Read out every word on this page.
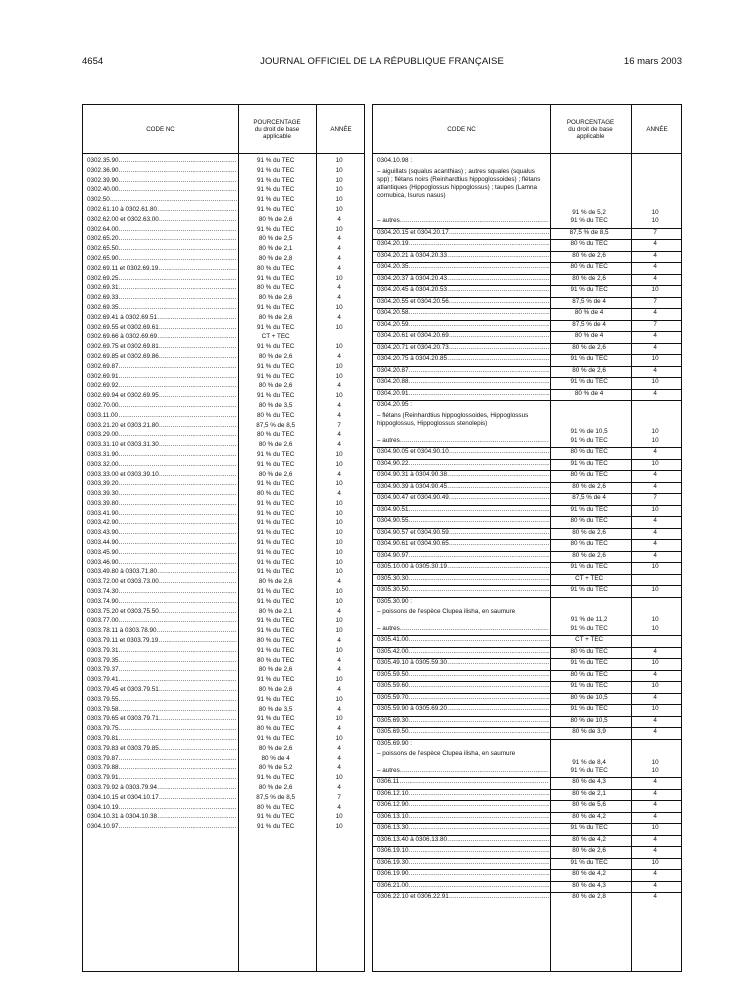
4654	JOURNAL OFFICIEL DE LA RÉPUBLIQUE FRANÇAISE	16 mars 2003
CODE NC
POURCENTAGE
du droit de base
applicable
ANNÉE
0302.35.90 ……………………………………………………………………………………	91 % du TEC	10
0302.36.90 ……………………………………………………………………………………	91 % du TEC	10
0302.39.90 ……………………………………………………………………………………	91 % du TEC	10
0302.40.00 ……………………………………………………………………………………	91 % du TEC	10
0302.50 ……………………………………………………………………………………	91 % du TEC	10
0302.61.10 à 0302.61.80 ……………………………………………………………………………………	91 % du TEC	10
0302.62.00 et 0302.63.00 ……………………………………………………………………………………	80 % de 2,6	4
0302.64.00 ……………………………………………………………………………………	91 % du TEC	10
0302.65.20 ……………………………………………………………………………………	80 % de 2,5	4
0302.65.50 ……………………………………………………………………………………	80 % de 2,1	4
0302.65.90 ……………………………………………………………………………………	80 % de 2,8	4
0302.69.11 et 0302.69.19 ……………………………………………………………………………………	80 % du TEC	4
0302.69.25 ……………………………………………………………………………………	91 % du TEC	10
0302.69.31 ……………………………………………………………………………………	80 % du TEC	4
0302.69.33 ……………………………………………………………………………………	80 % de 2,6	4
0302.69.35 ……………………………………………………………………………………	91 % du TEC	10
0302.69.41 à 0302.69.51 ……………………………………………………………………………………	80 % de 2,6	4
0302.69.55 et 0302.69.61 ……………………………………………………………………………………	91 % du TEC	10
0302.69.66 à 0302.69.69 ……………………………………………………………………………………	CT + TEC
0302.69.75 et 0302.69.81 ……………………………………………………………………………………	91 % du TEC	10
0302.69.85 et 0302.69.86 ……………………………………………………………………………………	80 % de 2,6	4
0302.69.87 ……………………………………………………………………………………	91 % du TEC	10
0302.69.91 ……………………………………………………………………………………	91 % du TEC	10
0302.69.92 ……………………………………………………………………………………	80 % de 2,6	4
0302.69.94 et 0302.69.95 ……………………………………………………………………………………	91 % du TEC	10
0302.70.00 ……………………………………………………………………………………	80 % de 3,5	4
0303.11.00 ……………………………………………………………………………………	80 % du TEC	4
0303.21.20 et 0303.21.80 ……………………………………………………………………………………	87,5 % de 8,5	7
0303.29.00 ……………………………………………………………………………………	80 % du TEC	4
0303.31.10 et 0303.31.30 ……………………………………………………………………………………	80 % de 2,6	4
0303.31.90 ……………………………………………………………………………………	91 % du TEC	10
0303.32.00 ……………………………………………………………………………………	91 % du TEC	10
0303.33.00 et 0303.39.10 ……………………………………………………………………………………	80 % de 2,6	4
0303.39.20 ……………………………………………………………………………………	91 % du TEC	10
0303.39.30 ……………………………………………………………………………………	80 % du TEC	4
0303.39.80 ……………………………………………………………………………………	91 % du TEC	10
0303.41.90 ……………………………………………………………………………………	91 % du TEC	10
0303.42.90 ……………………………………………………………………………………	91 % du TEC	10
0303.43.90 ……………………………………………………………………………………	91 % du TEC	10
0303.44.90 ……………………………………………………………………………………	91 % du TEC	10
0303.45.90 ……………………………………………………………………………………	91 % du TEC	10
0303.46.90 ……………………………………………………………………………………	91 % du TEC	10
0303.49.80 à 0303.71.80 ……………………………………………………………………………………	91 % du TEC	10
0303.72.00 et 0303.73.00 ……………………………………………………………………………………	80 % de 2,6	4
0303.74.30 ……………………………………………………………………………………	91 % du TEC	10
0303.74.90 ……………………………………………………………………………………	91 % du TEC	10
0303.75.20 et 0303.75.50 ……………………………………………………………………………………	80 % de 2,1	4
0303.77.00 ……………………………………………………………………………………	91 % du TEC	10
0303.78.11 à 0303.78.90 ……………………………………………………………………………………	91 % du TEC	10
0303.79.11 et 0303.79.19 ……………………………………………………………………………………	80 % du TEC	4
0303.79.31 ……………………………………………………………………………………	91 % du TEC	10
0303.79.35 ……………………………………………………………………………………	80 % du TEC	4
0303.79.37 ……………………………………………………………………………………	80 % de 2,6	4
0303.79.41 ……………………………………………………………………………………	91 % du TEC	10
0303.79.45 et 0303.79.51 ……………………………………………………………………………………	80 % de 2,6	4
0303.79.55 ……………………………………………………………………………………	91 % du TEC	10
0303.79.58 ……………………………………………………………………………………	80 % de 3,5	4
0303.79.65 et 0303.79.71 ……………………………………………………………………………………	91 % du TEC	10
0303.79.75 ……………………………………………………………………………………	80 % du TEC	4
0303.79.81 ……………………………………………………………………………………	91 % du TEC	10
0303.79.83 et 0303.79.85 ……………………………………………………………………………………	80 % de 2,6	4
0303.79.87 ……………………………………………………………………………………	80 % de 4	4
0303.79.88 ……………………………………………………………………………………	80 % de 5,2	4
0303.79.91 ……………………………………………………………………………………	91 % du TEC	10
0303.79.92 à 0303.79.94 ……………………………………………………………………………………	80 % de 2,6	4
0304.10.15 et 0304.10.17 ……………………………………………………………………………………	87,5 % de 8,5	7
0304.10.19 ……………………………………………………………………………………	80 % du TEC	4
0304.10.31 à 0304.10.38 ……………………………………………………………………………………	91 % du TEC	10
0304.10.97 ……………………………………………………………………………………	91 % du TEC	10
CODE NC
POURCENTAGE
du droit de base
applicable
ANNÉE
0304.10.98 :
– aiguillats (squalus acanthias) ; autres squales (squalus spp) ; flétans noirs (Reinhardtius hippoglossoides) ; flétans atlantiques (Hippoglossus hippoglossus) ; taupes (Lamna cornubica, Isurus nasus)
91 % de 5,2	10
– autres ……………………………………………………………………………………	91 % du TEC	10
0304.20.15 et 0304.20.17 ……………………………………………………………………………………	87,5 % de 8,5	7
0304.20.19 ……………………………………………………………………………………	80 % du TEC	4
0304.20.21 à 0304.20.33 ……………………………………………………………………………………	80 % de 2,6	4
0304.20.35 ……………………………………………………………………………………	80 % du TEC	4
0304.20.37 à 0304.20.43 ……………………………………………………………………………………	80 % de 2,6	4
0304.20.45 à 0304.20.53 ……………………………………………………………………………………	91 % du TEC	10
0304.20.55 et 0304.20.56 ……………………………………………………………………………………	87,5 % de 4	7
0304.20.58 ……………………………………………………………………………………	80 % de 4	4
0304.20.59 ……………………………………………………………………………………	87,5 % de 4	7
0304.20.61 et 0304.20.69 ……………………………………………………………………………………	80 % de 4	4
0304.20.71 et 0304.20.73 ……………………………………………………………………………………	80 % de 2,6	4
0304.20.75 à 0304.20.85 ……………………………………………………………………………………	91 % du TEC	10
0304.20.87 ……………………………………………………………………………………	80 % de 2,6	4
0304.20.88 ……………………………………………………………………………………	91 % du TEC	10
0304.20.91 ……………………………………………………………………………………	80 % de 4	4
0304.20.95 :
– flétans (Reinhardtius hippoglossoides, Hippoglossus hippoglossus, Hippoglossus stenolepis)
91 % de 10,5	10
– autres ……………………………………………………………………………………	91 % du TEC	10
0304.90.05 et 0304.90.10 ……………………………………………………………………………………	80 % du TEC	4
0304.90.22 ……………………………………………………………………………………	91 % du TEC	10
0304.90.31 à 0304.90.38 ……………………………………………………………………………………	80 % du TEC	4
0304.90.39 à 0304.90.45 ……………………………………………………………………………………	80 % de 2,6	4
0304.90.47 et 0304.90.49 ……………………………………………………………………………………	87,5 % de 4	7
0304.90.51 ……………………………………………………………………………………	91 % du TEC	10
0304.90.55 ……………………………………………………………………………………	80 % du TEC	4
0304.90.57 et 0304.90.59 ……………………………………………………………………………………	80 % de 2,6	4
0304.90.61 et 0304.90.65 ……………………………………………………………………………………	80 % du TEC	4
0304.90.97 ……………………………………………………………………………………	80 % de 2,6	4
0305.10.00 à 0305.30.19 ……………………………………………………………………………………	91 % du TEC	10
0305.30.30 ……………………………………………………………………………………	CT + TEC
0305.30.50 ……………………………………………………………………………………	91 % du TEC	10
0305.30.90 :
– poissons de l'espèce Clupea ilisha, en saumure
91 % de 11,2	10
– autres ……………………………………………………………………………………	91 % du TEC	10
0305.41.00 ……………………………………………………………………………………	CT + TEC
0305.42.00 ……………………………………………………………………………………	80 % du TEC	4
0305.49.10 à 0305.59.30 ……………………………………………………………………………………	91 % du TEC	10
0305.59.50 ……………………………………………………………………………………	80 % du TEC	4
0305.59.60 ……………………………………………………………………………………	91 % du TEC	10
0305.59.70 ……………………………………………………………………………………	80 % de 10,5	4
0305.59.90 à 0305.69.20 ……………………………………………………………………………………	91 % du TEC	10
0305.69.30 ……………………………………………………………………………………	80 % de 10,5	4
0305.69.50 ……………………………………………………………………………………	80 % de 3,9	4
0305.69.90 :
– poissons de l'espèce Clupea ilisha, en saumure
91 % de 8,4	10
– autres ……………………………………………………………………………………	91 % du TEC	10
0306.11 ……………………………………………………………………………………	80 % de 4,3	4
0306.12.10 ……………………………………………………………………………………	80 % de 2,1	4
0306.12.90 ……………………………………………………………………………………	80 % de 5,6	4
0306.13.10 ……………………………………………………………………………………	80 % de 4,2	4
0306.13.30 ……………………………………………………………………………………	91 % du TEC	10
0306.13.40 à 0306.13.80 ……………………………………………………………………………………	80 % de 4,2	4
0306.19.10 ……………………………………………………………………………………	80 % de 2,6	4
0306.19.30 ……………………………………………………………………………………	91 % du TEC	10
0306.19.90 ……………………………………………………………………………………	80 % de 4,2	4
0306.21.00 ……………………………………………………………………………………	80 % de 4,3	4
0306.22.10 et 0306.22.91 ……………………………………………………………………………………	80 % de 2,8	4
